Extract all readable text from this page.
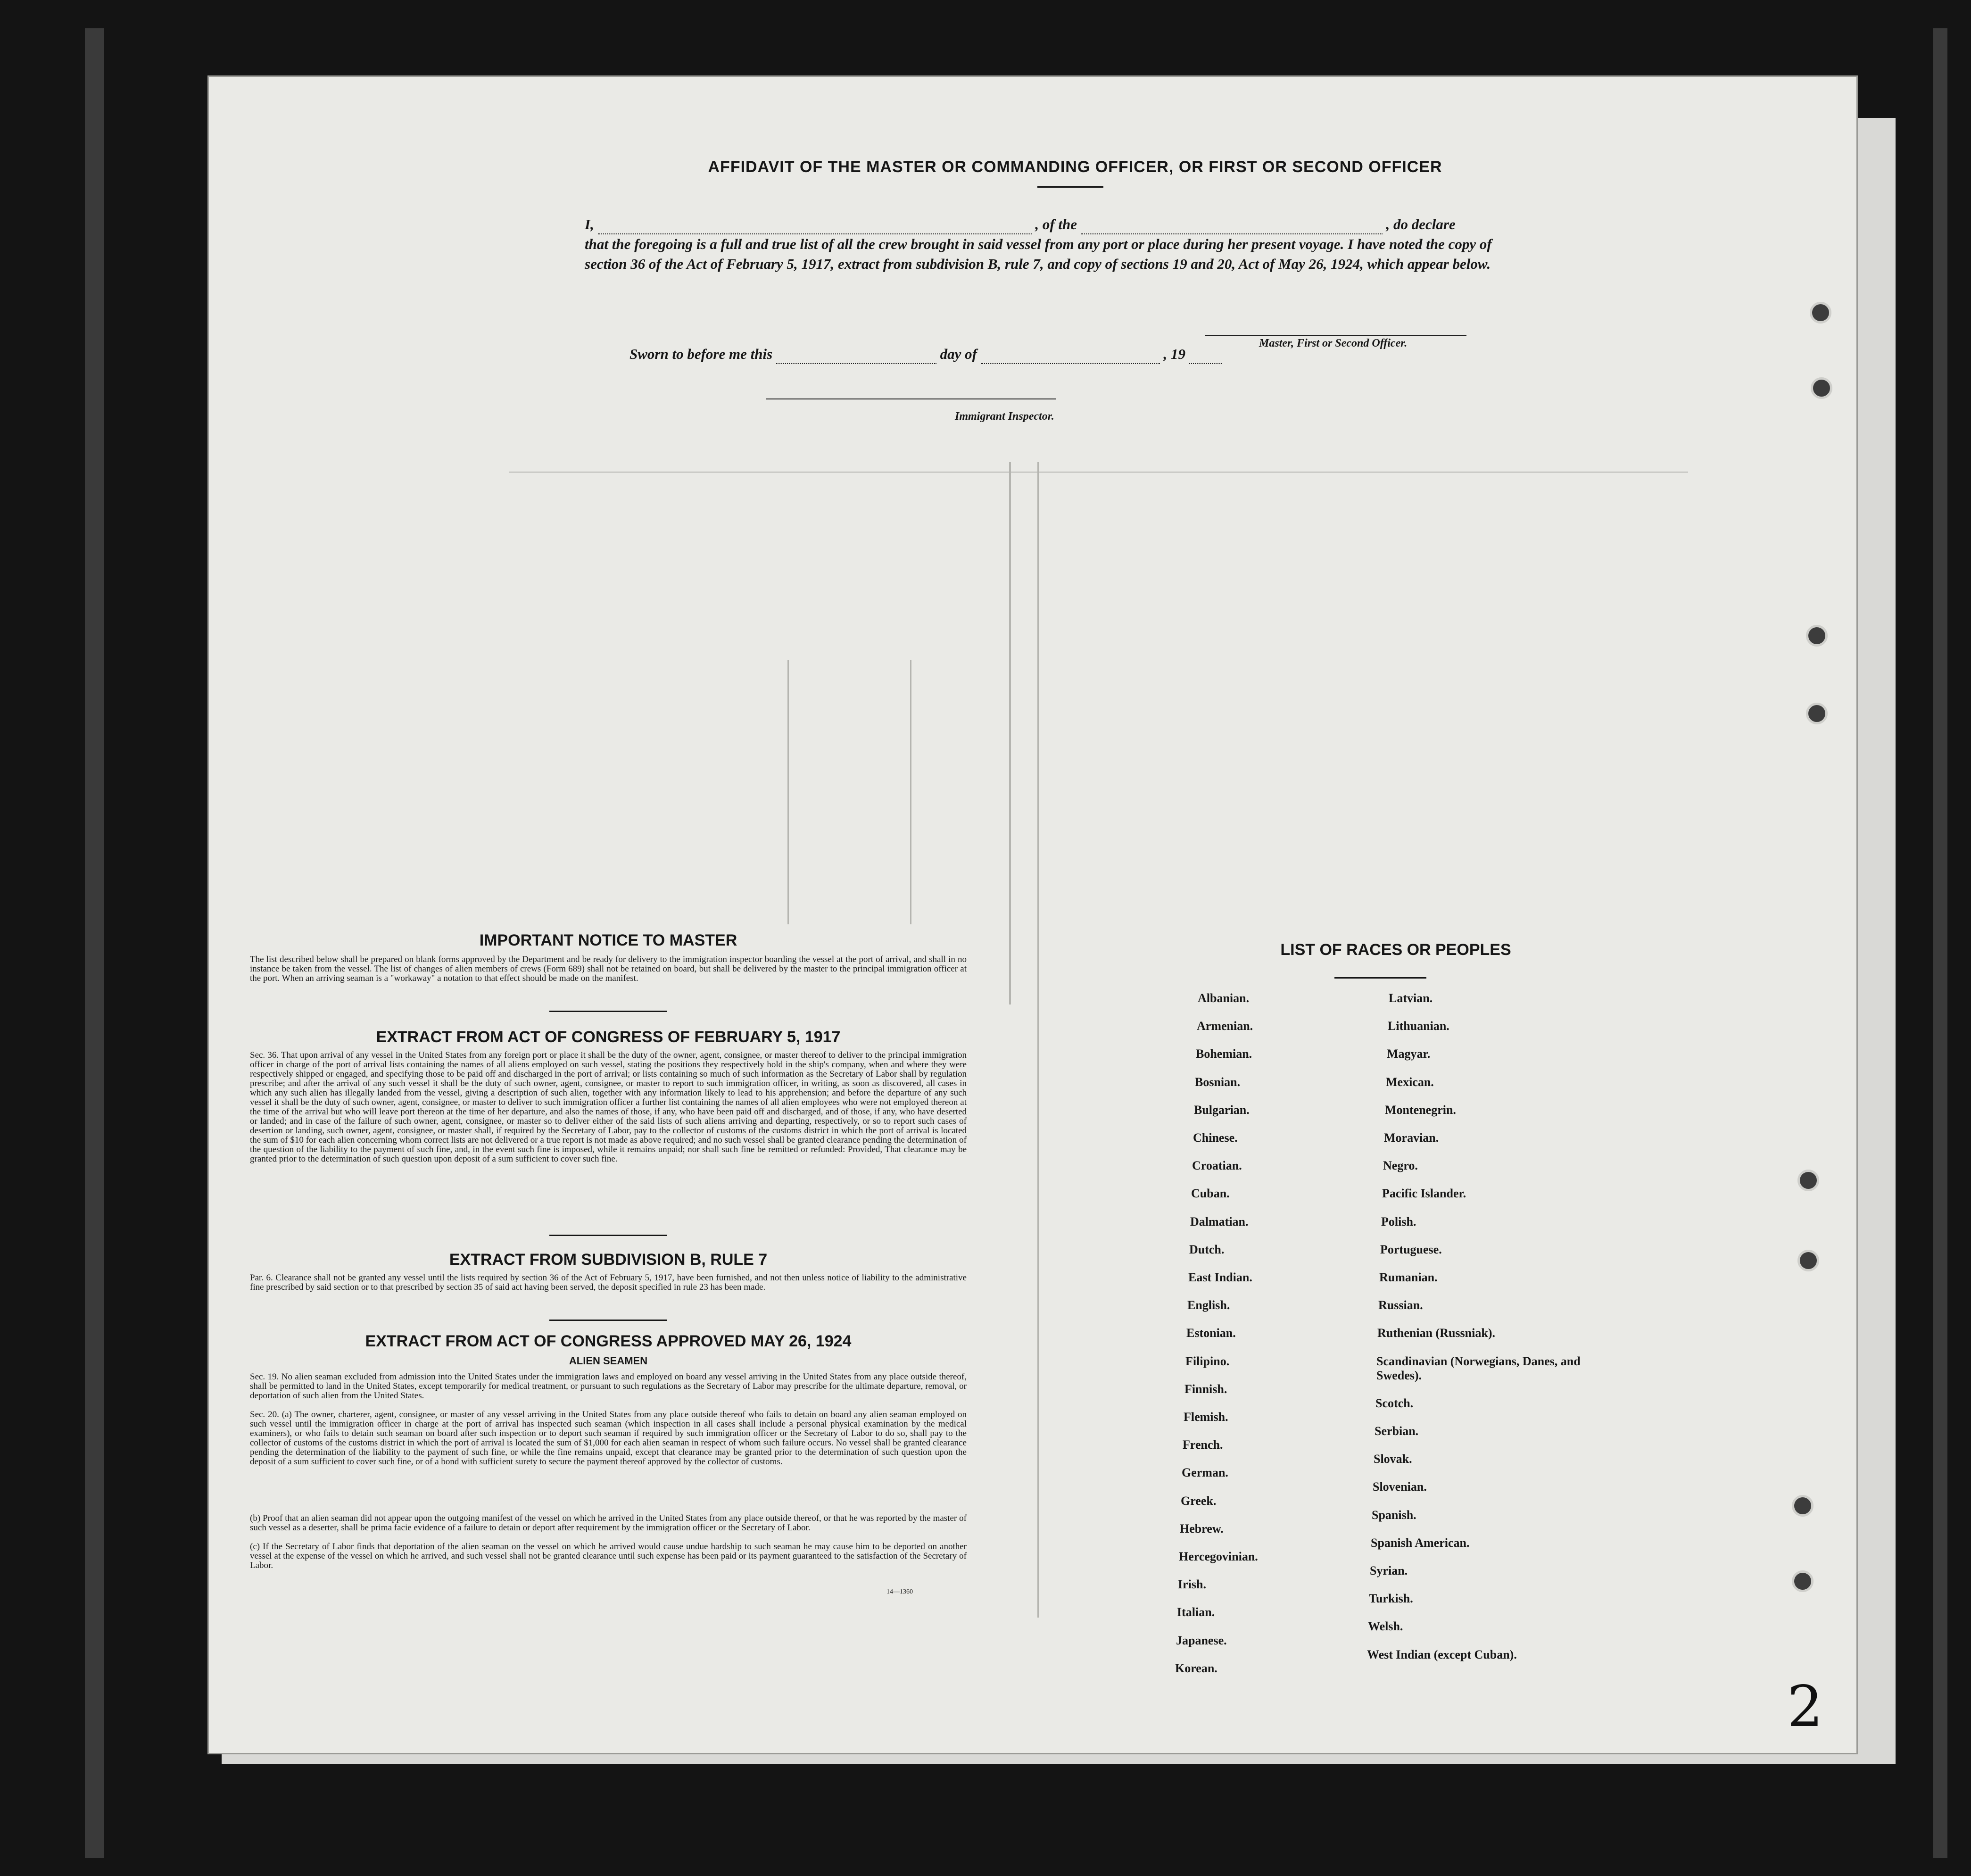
AFFIDAVIT OF THE MASTER OR COMMANDING OFFICER, OR FIRST OR SECOND OFFICER
I,	, of the	, do declare
that the foregoing is a full and true list of all the crew brought in said vessel from any port or place during her present voyage. I have noted the copy of section 36 of the Act of February 5, 1917, extract from subdivision B, rule 7, and copy of sections 19 and 20, Act of May 26, 1924, which appear below.
Master, First or Second Officer.
Sworn to before me this	day of	, 19
Immigrant Inspector.
IMPORTANT NOTICE TO MASTER
The list described below shall be prepared on blank forms approved by the Department and be ready for delivery to the immigration inspector boarding the vessel at the port of arrival, and shall in no instance be taken from the vessel. The list of changes of alien members of crews (Form 689) shall not be retained on board, but shall be delivered by the master to the principal immigration officer at the port. When an arriving seaman is a "workaway" a notation to that effect should be made on the manifest.
EXTRACT FROM ACT OF CONGRESS OF FEBRUARY 5, 1917
Sec. 36. That upon arrival of any vessel in the United States from any foreign port or place it shall be the duty of the owner, agent, consignee, or master thereof to deliver to the principal immigration officer in charge of the port of arrival lists containing the names of all aliens employed on such vessel, stating the positions they respectively hold in the ship's company, when and where they were respectively shipped or engaged, and specifying those to be paid off and discharged in the port of arrival; or lists containing so much of such information as the Secretary of Labor shall by regulation prescribe; and after the arrival of any such vessel it shall be the duty of such owner, agent, consignee, or master to report to such immigration officer, in writing, as soon as discovered, all cases in which any such alien has illegally landed from the vessel, giving a description of such alien, together with any information likely to lead to his apprehension; and before the departure of any such vessel it shall be the duty of such owner, agent, consignee, or master to deliver to such immigration officer a further list containing the names of all alien employees who were not employed thereon at the time of the arrival but who will leave port thereon at the time of her departure, and also the names of those, if any, who have been paid off and discharged, and of those, if any, who have deserted or landed; and in case of the failure of such owner, agent, consignee, or master so to deliver either of the said lists of such aliens arriving and departing, respectively, or so to report such cases of desertion or landing, such owner, agent, consignee, or master shall, if required by the Secretary of Labor, pay to the collector of customs of the customs district in which the port of arrival is located the sum of $10 for each alien concerning whom correct lists are not delivered or a true report is not made as above required; and no such vessel shall be granted clearance pending the determination of the question of the liability to the payment of such fine, and, in the event such fine is imposed, while it remains unpaid; nor shall such fine be remitted or refunded: Provided, That clearance may be granted prior to the determination of such question upon deposit of a sum sufficient to cover such fine.
EXTRACT FROM SUBDIVISION B, RULE 7
Par. 6. Clearance shall not be granted any vessel until the lists required by section 36 of the Act of February 5, 1917, have been furnished, and not then unless notice of liability to the administrative fine prescribed by said section or to that prescribed by section 35 of said act having been served, the deposit specified in rule 23 has been made.
EXTRACT FROM ACT OF CONGRESS APPROVED MAY 26, 1924
ALIEN SEAMEN
Sec. 19. No alien seaman excluded from admission into the United States under the immigration laws and employed on board any vessel arriving in the United States from any place outside thereof, shall be permitted to land in the United States, except temporarily for medical treatment, or pursuant to such regulations as the Secretary of Labor may prescribe for the ultimate departure, removal, or deportation of such alien from the United States.
Sec. 20. (a) The owner, charterer, agent, consignee, or master of any vessel arriving in the United States from any place outside thereof who fails to detain on board any alien seaman employed on such vessel until the immigration officer in charge at the port of arrival has inspected such seaman (which inspection in all cases shall include a personal physical examination by the medical examiners), or who fails to detain such seaman on board after such inspection or to deport such seaman if required by such immigration officer or the Secretary of Labor to do so, shall pay to the collector of customs of the customs district in which the port of arrival is located the sum of $1,000 for each alien seaman in respect of whom such failure occurs. No vessel shall be granted clearance pending the determination of the liability to the payment of such fine, or while the fine remains unpaid, except that clearance may be granted prior to the determination of such question upon the deposit of a sum sufficient to cover such fine, or of a bond with sufficient surety to secure the payment thereof approved by the collector of customs.
(b) Proof that an alien seaman did not appear upon the outgoing manifest of the vessel on which he arrived in the United States from any place outside thereof, or that he was reported by the master of such vessel as a deserter, shall be prima facie evidence of a failure to detain or deport after requirement by the immigration officer or the Secretary of Labor.
(c) If the Secretary of Labor finds that deportation of the alien seaman on the vessel on which he arrived would cause undue hardship to such seaman he may cause him to be deported on another vessel at the expense of the vessel on which he arrived, and such vessel shall not be granted clearance until such expense has been paid or its payment guaranteed to the satisfaction of the Secretary of Labor.
14—1360
LIST OF RACES OR PEOPLES
Albanian.
Armenian.
Bohemian.
Bosnian.
Bulgarian.
Chinese.
Croatian.
Cuban.
Dalmatian.
Dutch.
East Indian.
English.
Estonian.
Filipino.
Finnish.
Flemish.
French.
German.
Greek.
Hebrew.
Hercegovinian.
Irish.
Italian.
Japanese.
Korean.
Latvian.
Lithuanian.
Magyar.
Mexican.
Montenegrin.
Moravian.
Negro.
Pacific Islander.
Polish.
Portuguese.
Rumanian.
Russian.
Ruthenian (Russniak).
Scandinavian (Norwegians, Danes, and Swedes).
Scotch.
Serbian.
Slovak.
Slovenian.
Spanish.
Spanish American.
Syrian.
Turkish.
Welsh.
West Indian (except Cuban).
2
